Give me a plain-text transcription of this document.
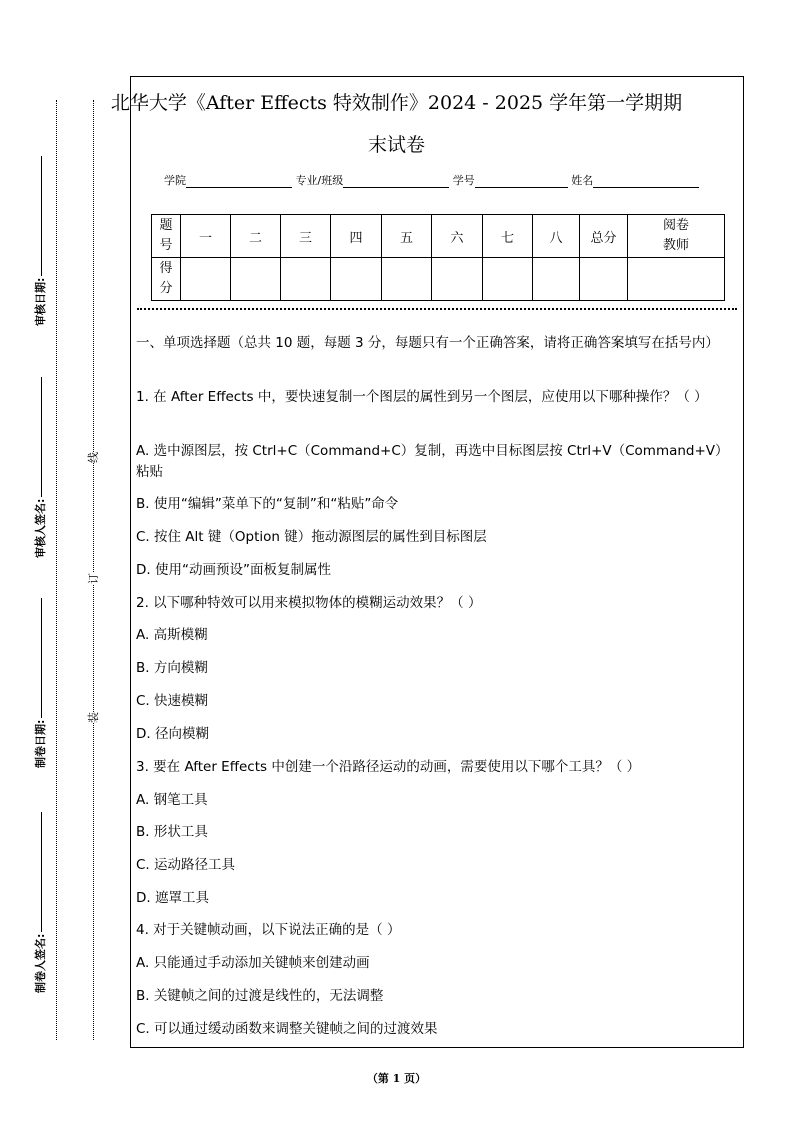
审核日期:
审核人签名:
制卷日期:
制卷人签名:
线
订
装
北华大学《After Effects 特效制作》2024 - 2025 学年第一学期期
末试卷
学院	专业/班级	学号	姓名
题号	一	二	三	四	五	六	七	八	总分	阅卷教师
得分										
一、单项选择题（总共 10 题，每题 3 分，每题只有一个正确答案，请将正确答案填写在括号内）
1. 在 After Effects 中，要快速复制一个图层的属性到另一个图层，应使用以下哪种操作？（ ）
A. 选中源图层，按 Ctrl+C（Command+C）复制，再选中目标图层按 Ctrl+V（Command+V）粘贴
B. 使用“编辑”菜单下的“复制”和“粘贴”命令
C. 按住 Alt 键（Option 键）拖动源图层的属性到目标图层
D. 使用“动画预设”面板复制属性
2. 以下哪种特效可以用来模拟物体的模糊运动效果？（ ）
A. 高斯模糊
B. 方向模糊
C. 快速模糊
D. 径向模糊
3. 要在 After Effects 中创建一个沿路径运动的动画，需要使用以下哪个工具？（ ）
A. 钢笔工具
B. 形状工具
C. 运动路径工具
D. 遮罩工具
4. 对于关键帧动画，以下说法正确的是（ ）
A. 只能通过手动添加关键帧来创建动画
B. 关键帧之间的过渡是线性的，无法调整
C. 可以通过缓动函数来调整关键帧之间的过渡效果
（第 1 页）
